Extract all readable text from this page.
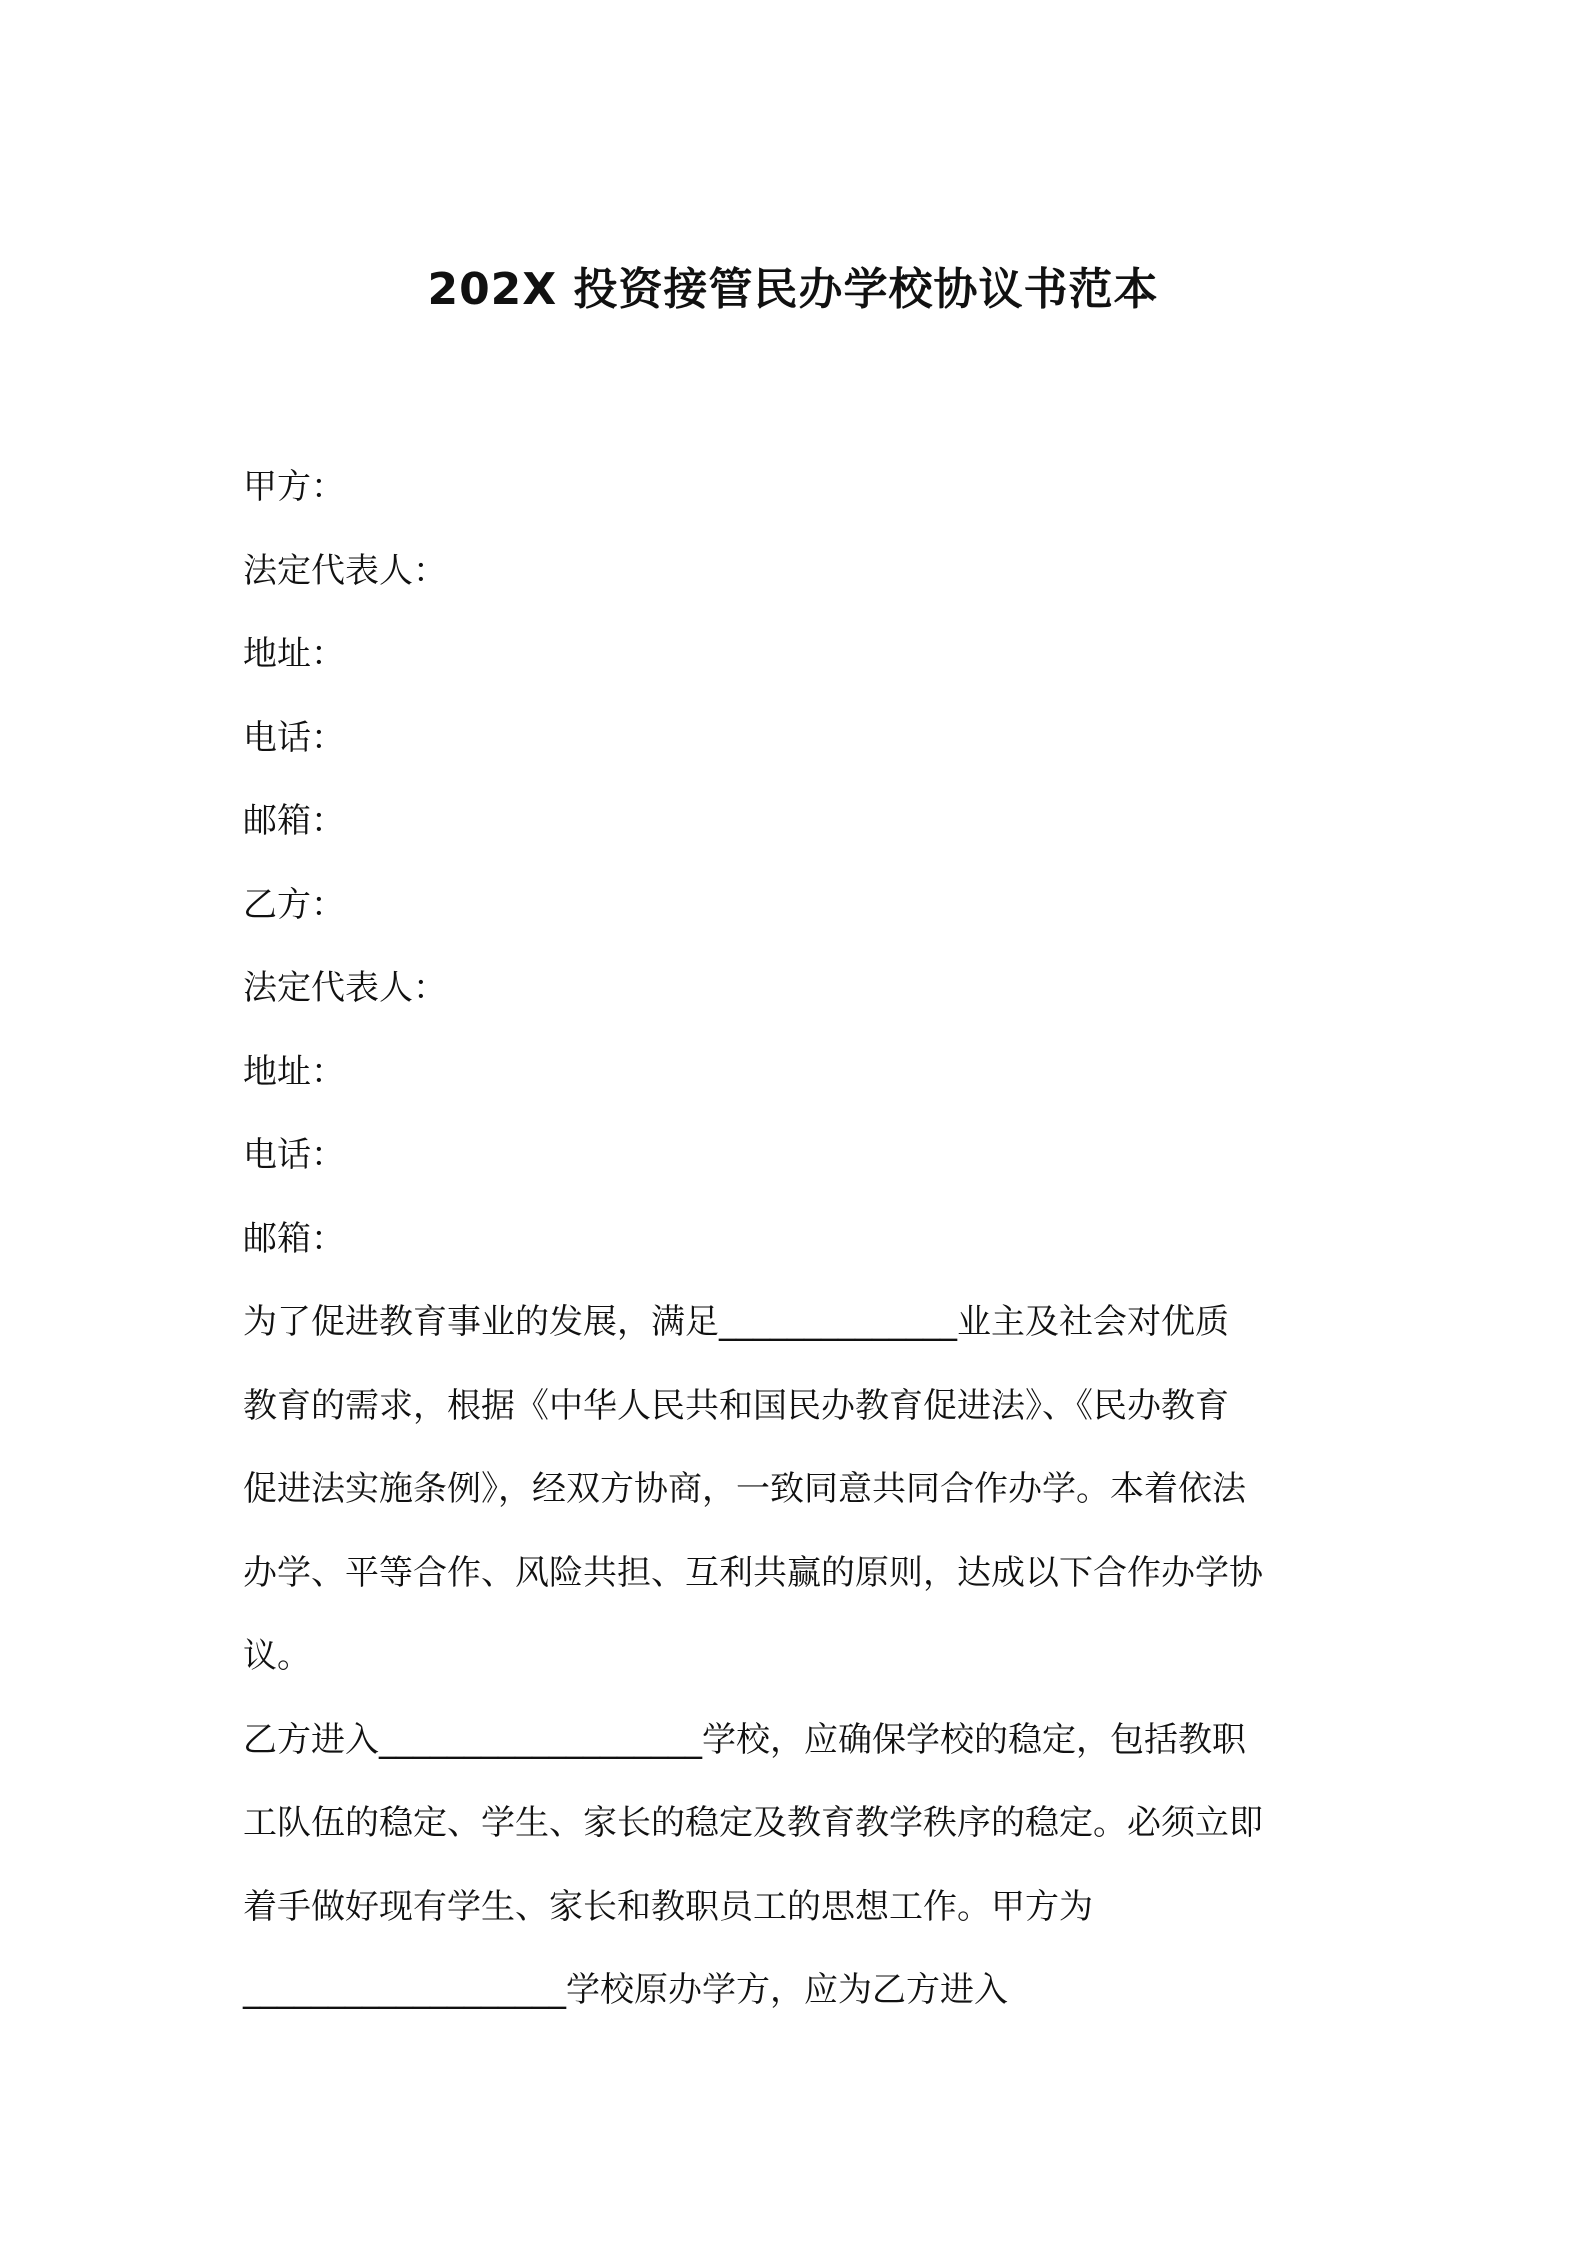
202X 投资接管民办学校协议书范本
甲方：
法定代表人：
地址：
电话：
邮箱：
乙方：
法定代表人：
地址：
电话：
邮箱：
为了促进教育事业的发展，满足______________业主及社会对优质
教育的需求，根据《中华人民共和国民办教育促进法》、《民办教育
促进法实施条例》，经双方协商，一致同意共同合作办学。本着依法
办学、平等合作、风险共担、互利共赢的原则，达成以下合作办学协
议。
乙方进入___________________学校，应确保学校的稳定，包括教职
工队伍的稳定、学生、家长的稳定及教育教学秩序的稳定。必须立即
着手做好现有学生、家长和教职员工的思想工作。甲方为
___________________学校原办学方，应为乙方进入
